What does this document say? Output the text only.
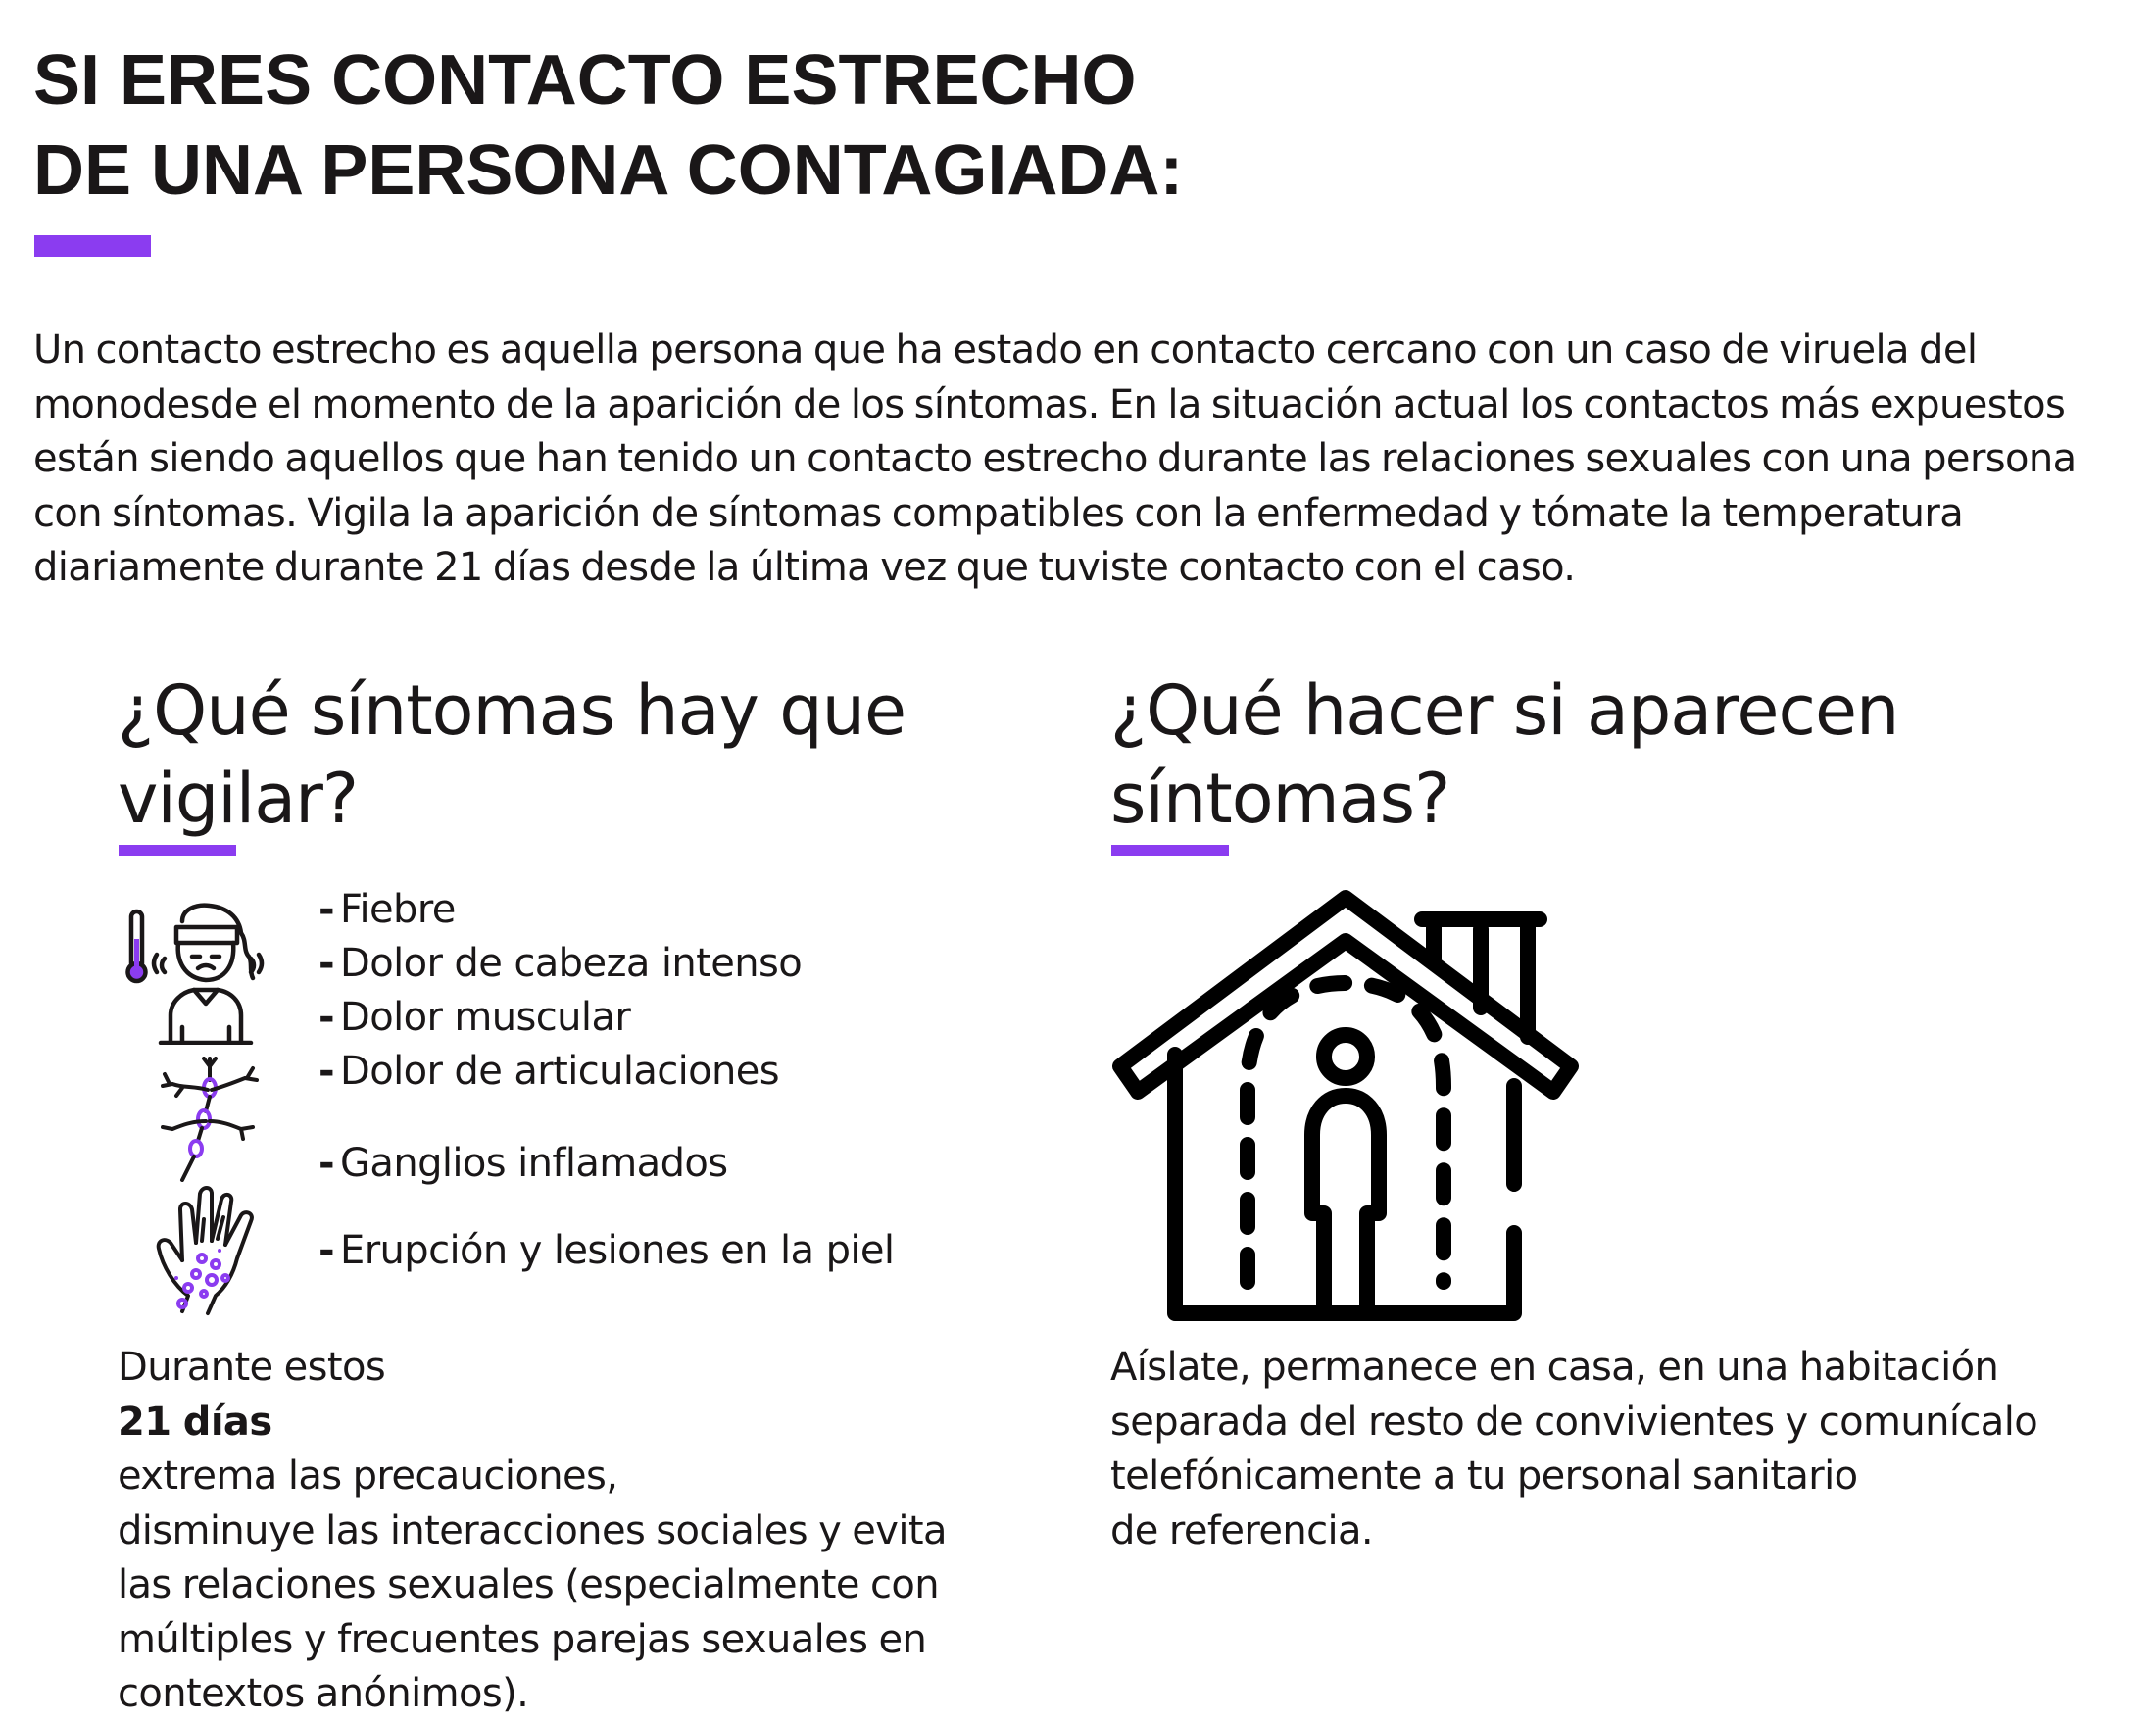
SI ERES CONTACTO ESTRECHO
DE UNA PERSONA CONTAGIADA:

Un contacto estrecho es aquella persona que ha estado en contacto cercano con un caso de viruela del monodesde el momento de la aparición de los síntomas. En la situación actual los contactos más expuestos están siendo aquellos que han tenido un contacto estrecho durante las relaciones sexuales con una persona con síntomas. Vigila la aparición de síntomas compatibles con la enfermedad y tómate la temperatura diariamente durante 21 días desde la última vez que tuviste contacto con el caso.

¿Qué síntomas hay que
vigilar?
- Fiebre
- Dolor de cabeza intenso
- Dolor muscular
- Dolor de articulaciones
- Ganglios inflamados
- Erupción y lesiones en la piel

Durante estos
21 días
extrema las precauciones,
disminuye las interacciones sociales y evita
las relaciones sexuales (especialmente con
múltiples y frecuentes parejas sexuales en
contextos anónimos).

¿Qué hacer si aparecen
síntomas?

Aíslate, permanece en casa, en una habitación
separada del resto de convivientes y comunícalo
telefónicamente a tu personal sanitario
de referencia.
